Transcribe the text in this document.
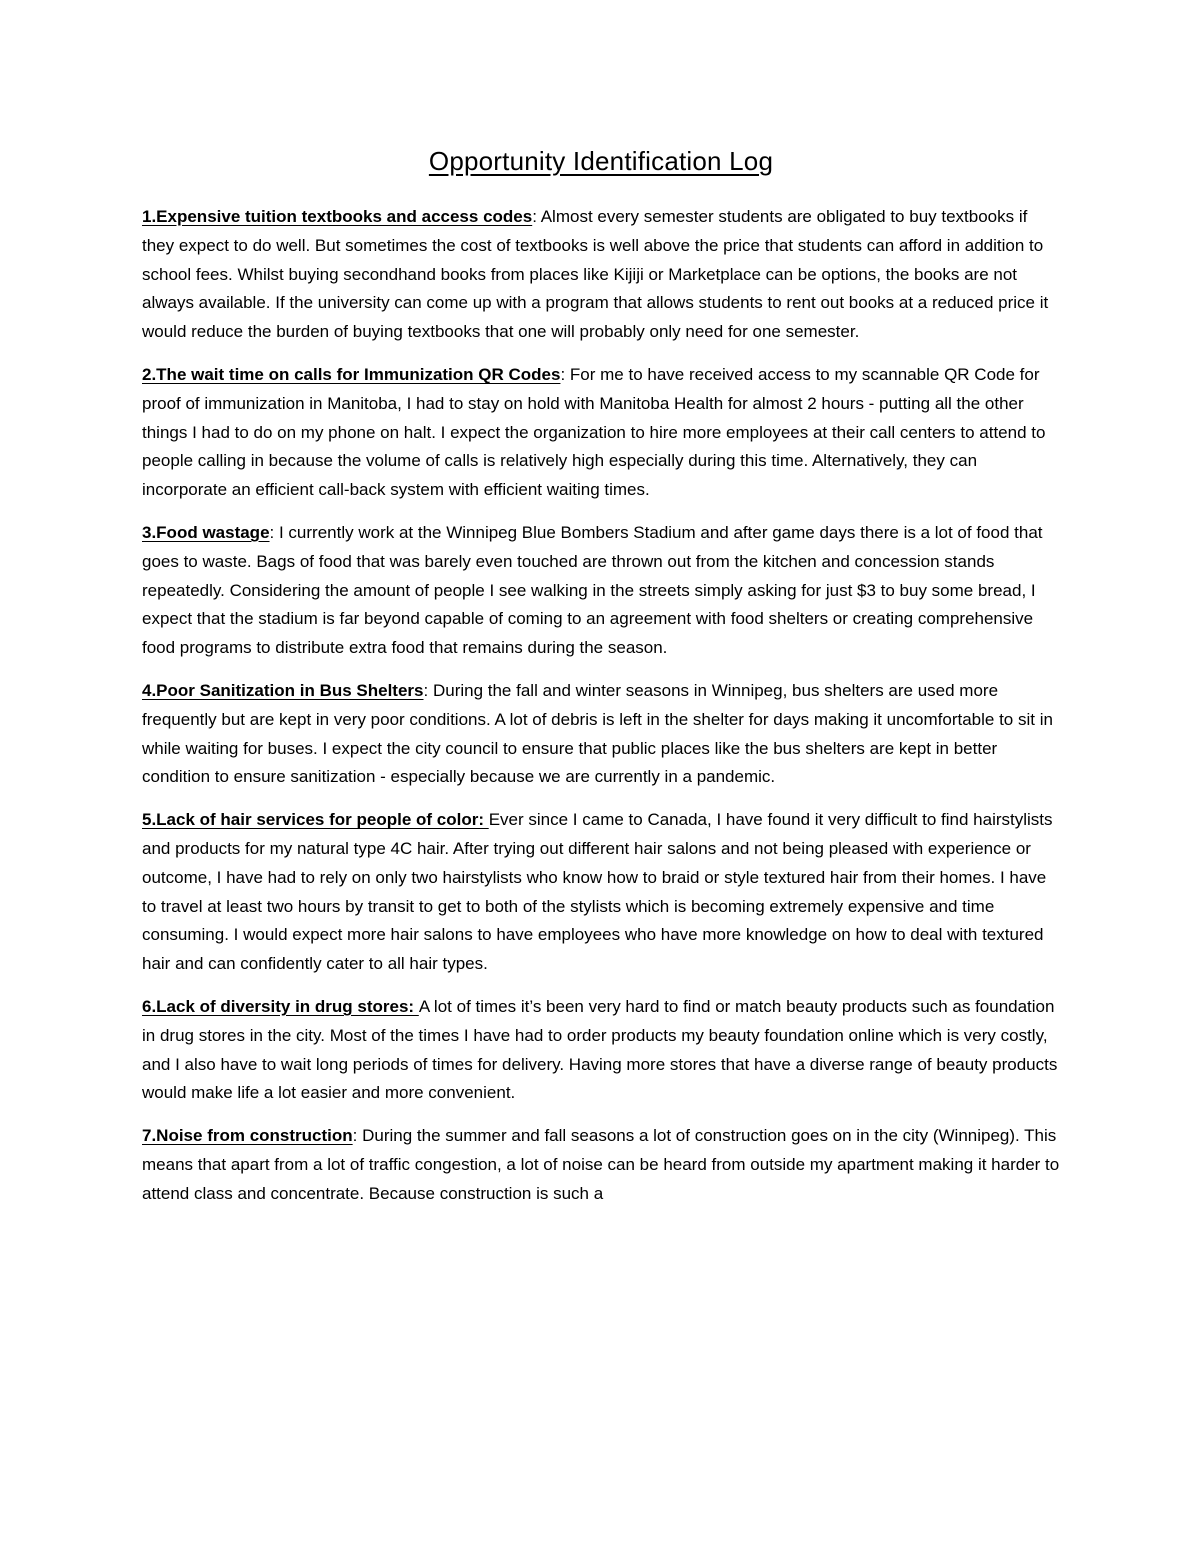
Opportunity Identification Log

1.Expensive tuition textbooks and access codes: Almost every semester students are obligated to buy textbooks if they expect to do well. But sometimes the cost of textbooks is well above the price that students can afford in addition to school fees. Whilst buying secondhand books from places like Kijiji or Marketplace can be options, the books are not always available. If the university can come up with a program that allows students to rent out books at a reduced price it would reduce the burden of buying textbooks that one will probably only need for one semester.

2.The wait time on calls for Immunization QR Codes: For me to have received access to my scannable QR Code for proof of immunization in Manitoba, I had to stay on hold with Manitoba Health for almost 2 hours - putting all the other things I had to do on my phone on halt. I expect the organization to hire more employees at their call centers to attend to people calling in because the volume of calls is relatively high especially during this time. Alternatively, they can incorporate an efficient call-back system with efficient waiting times.

3.Food wastage: I currently work at the Winnipeg Blue Bombers Stadium and after game days there is a lot of food that goes to waste. Bags of food that was barely even touched are thrown out from the kitchen and concession stands repeatedly. Considering the amount of people I see walking in the streets simply asking for just $3 to buy some bread, I expect that the stadium is far beyond capable of coming to an agreement with food shelters or creating comprehensive food programs to distribute extra food that remains during the season.

4.Poor Sanitization in Bus Shelters: During the fall and winter seasons in Winnipeg, bus shelters are used more frequently but are kept in very poor conditions. A lot of debris is left in the shelter for days making it uncomfortable to sit in while waiting for buses. I expect the city council to ensure that public places like the bus shelters are kept in better condition to ensure sanitization - especially because we are currently in a pandemic.

5.Lack of hair services for people of color: Ever since I came to Canada, I have found it very difficult to find hairstylists and products for my natural type 4C hair. After trying out different hair salons and not being pleased with experience or outcome, I have had to rely on only two hairstylists who know how to braid or style textured hair from their homes. I have to travel at least two hours by transit to get to both of the stylists which is becoming extremely expensive and time consuming. I would expect more hair salons to have employees who have more knowledge on how to deal with textured hair and can confidently cater to all hair types.

6.Lack of diversity in drug stores: A lot of times it’s been very hard to find or match beauty products such as foundation in drug stores in the city. Most of the times I have had to order products my beauty foundation online which is very costly, and I also have to wait long periods of times for delivery. Having more stores that have a diverse range of beauty products would make life a lot easier and more convenient.

7.Noise from construction: During the summer and fall seasons a lot of construction goes on in the city (Winnipeg). This means that apart from a lot of traffic congestion, a lot of noise can be heard from outside my apartment making it harder to attend class and concentrate. Because construction is such a
